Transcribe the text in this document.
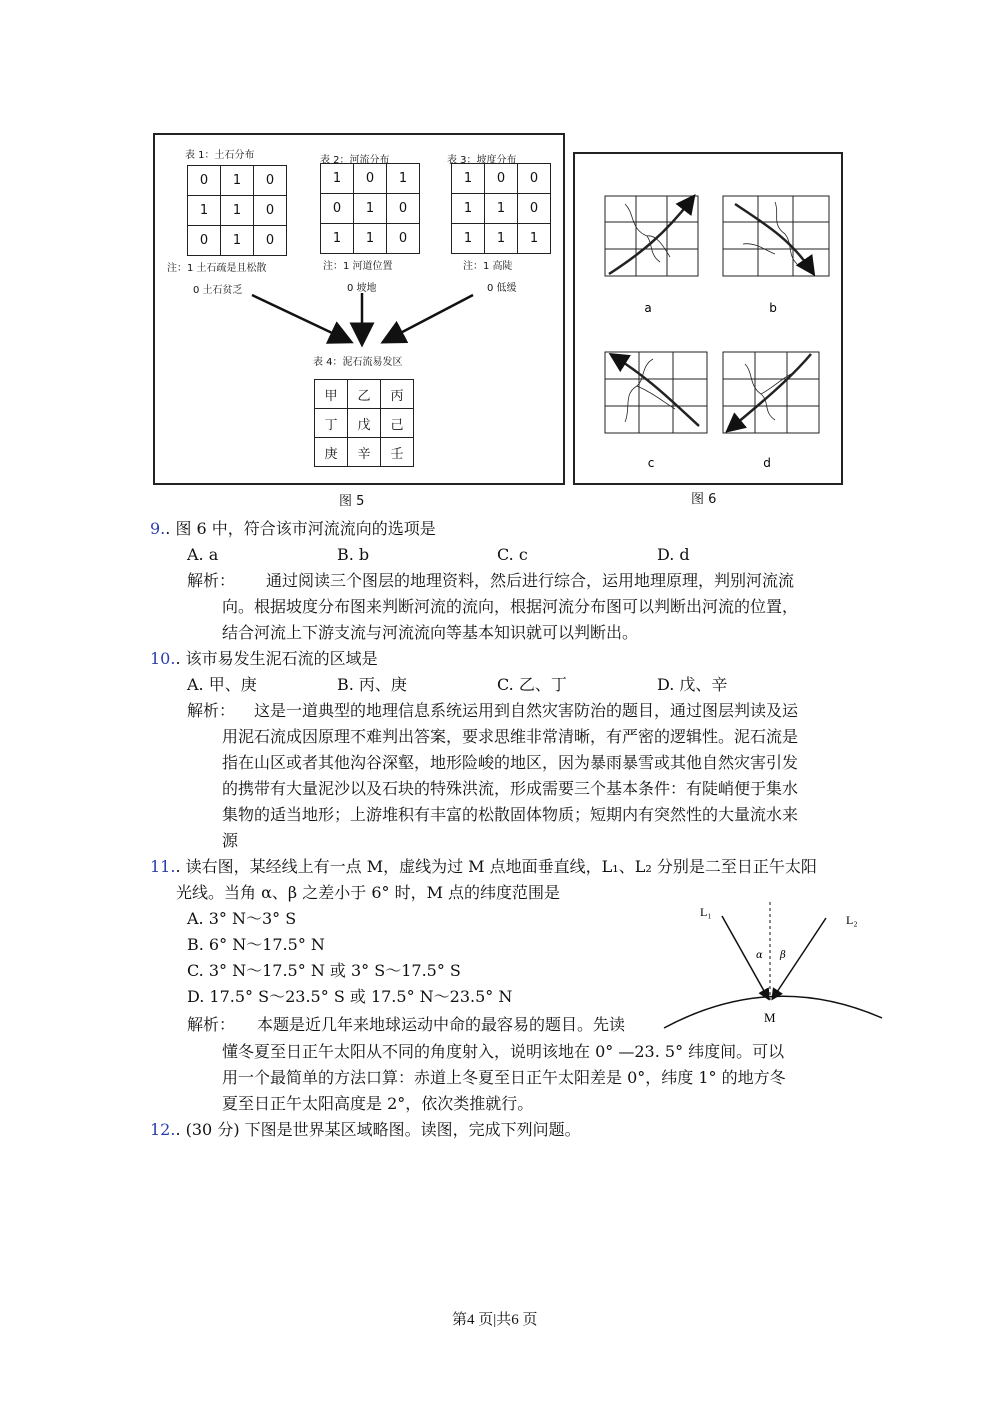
表 1：土石分布
0	1	0
1	1	0
0	1	0
注：1 土石疏是且松散
0 土石贫乏
表 2：河流分布
1	0	1
0	1	0
1	1	0
注：1 河道位置
0 坡地
表 3：坡度分布
1	0	0
1	1	0
1	1	1
注：1 高陡
0 低缓
表 4：泥石流易发区
甲	乙	丙
丁	戊	己
庚	辛	壬
图 5
a	b
c	d
图 6
9.. 图 6 中，符合该市河流流向的选项是
A. a	B. b	C. c	D. d
解析： 通过阅读三个图层的地理资料，然后进行综合，运用地理原理，判别河流流
向。根据坡度分布图来判断河流的流向，根据河流分布图可以判断出河流的位置，
结合河流上下游支流与河流流向等基本知识就可以判断出。
10.. 该市易发生泥石流的区域是
A. 甲、庚	B. 丙、庚	C. 乙、丁	D. 戊、辛
解析： 这是一道典型的地理信息系统运用到自然灾害防治的题目，通过图层判读及运
用泥石流成因原理不难判出答案，要求思维非常清晰，有严密的逻辑性。泥石流是
指在山区或者其他沟谷深壑，地形险峻的地区，因为暴雨暴雪或其他自然灾害引发
的携带有大量泥沙以及石块的特殊洪流，形成需要三个基本条件：有陡峭便于集水
集物的适当地形；上游堆积有丰富的松散固体物质；短期内有突然性的大量流水来
源
11.. 读右图，某经线上有一点 M，虚线为过 M 点地面垂直线，L₁、L₂ 分别是二至日正午太阳
光线。当角 α、β 之差小于 6° 时，M 点的纬度范围是
A. 3° N～3° S
B. 6° N～17.5° N
C. 3° N～17.5° N 或 3° S～17.5° S
D. 17.5° S～23.5° S 或 17.5° N～23.5° N
解析： 本题是近几年来地球运动中命的最容易的题目。先读
懂冬夏至日正午太阳从不同的角度射入，说明该地在 0° —23. 5° 纬度间。可以
用一个最简单的方法口算：赤道上冬夏至日正午太阳差是 0°，纬度 1° 的地方冬
夏至日正午太阳高度是 2°，依次类推就行。
L₁
L₂
α β
M
12.. (30 分) 下图是世界某区域略图。读图，完成下列问题。
第4 页|共6 页
